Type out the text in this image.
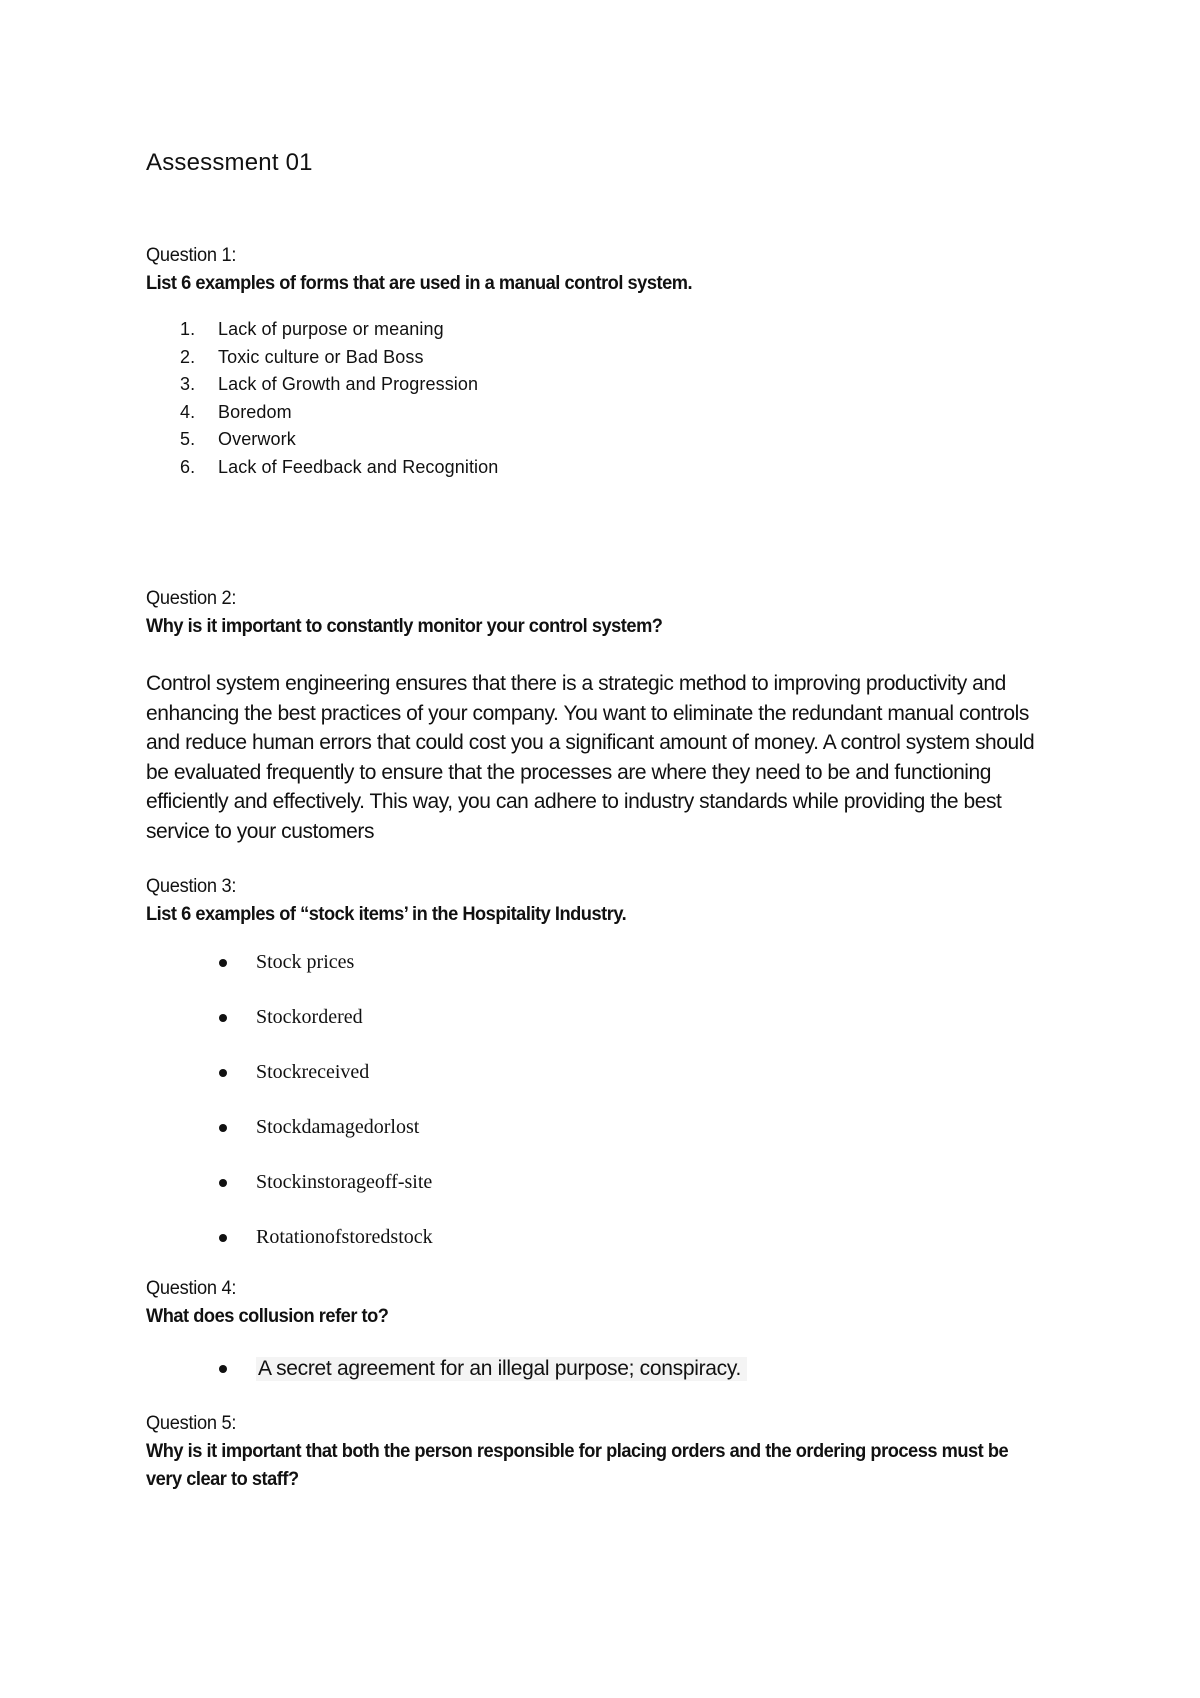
Assessment 01

Question 1:

List 6 examples of forms that are used in a manual control system.

1.	Lack of purpose or meaning
2.	Toxic culture or Bad Boss
3.	Lack of Growth and Progression
4.	Boredom
5.	Overwork
6.	Lack of Feedback and Recognition

Question 2:

Why is it important to constantly monitor your control system?

Control system engineering ensures that there is a strategic method to improving productivity and enhancing the best practices of your company. You want to eliminate the redundant manual controls and reduce human errors that could cost you a significant amount of money. A control system should be evaluated frequently to ensure that the processes are where they need to be and functioning efficiently and effectively. This way, you can adhere to industry standards while providing the best service to your customers

Question 3:

List 6 examples of “stock items’ in the Hospitality Industry.

Stock prices
Stockordered
Stockreceived
Stockdamagedorlost
Stockinstorageoff-site
Rotationofstoredstock

Question 4:

What does collusion refer to?

A secret agreement for an illegal purpose; conspiracy.

Question 5:

Why is it important that both the person responsible for placing orders and the ordering process must be very clear to staff?
